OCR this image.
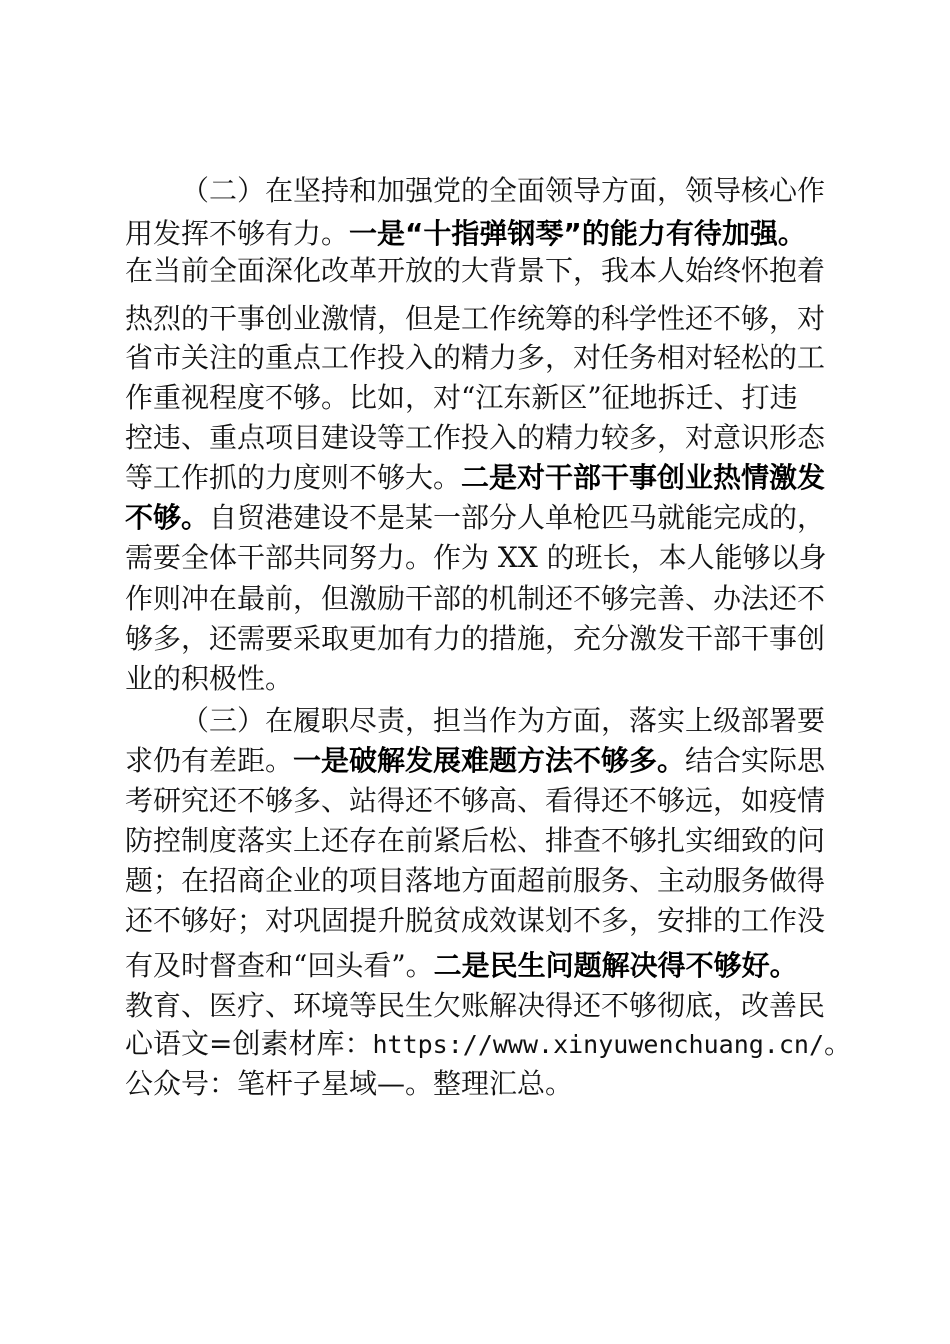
（二）在坚持和加强党的全面领导方面，领导核心作
用发挥不够有力。一是“十指弹钢琴”的能力有待加强。
在当前全面深化改革开放的大背景下，我本人始终怀抱着
热烈的干事创业激情，但是工作统筹的科学性还不够，对
省市关注的重点工作投入的精力多，对任务相对轻松的工
作重视程度不够。比如，对“江东新区”征地拆迁、打违
控违、重点项目建设等工作投入的精力较多，对意识形态
等工作抓的力度则不够大。二是对干部干事创业热情激发
不够。自贸港建设不是某一部分人单枪匹马就能完成的，
需要全体干部共同努力。作为 XX 的班长，本人能够以身
作则冲在最前，但激励干部的机制还不够完善、办法还不
够多，还需要采取更加有力的措施，充分激发干部干事创
业的积极性。
（三）在履职尽责，担当作为方面，落实上级部署要
求仍有差距。一是破解发展难题方法不够多。结合实际思
考研究还不够多、站得还不够高、看得还不够远，如疫情
防控制度落实上还存在前紧后松、排查不够扎实细致的问
题；在招商企业的项目落地方面超前服务、主动服务做得
还不够好；对巩固提升脱贫成效谋划不多，安排的工作没
有及时督查和“回头看”。二是民生问题解决得不够好。
教育、医疗、环境等民生欠账解决得还不够彻底，改善民
心语文=创素材库：https://www.xinyuwenchuang.cn/。
公众号：笔杆子星域—。整理汇总。
